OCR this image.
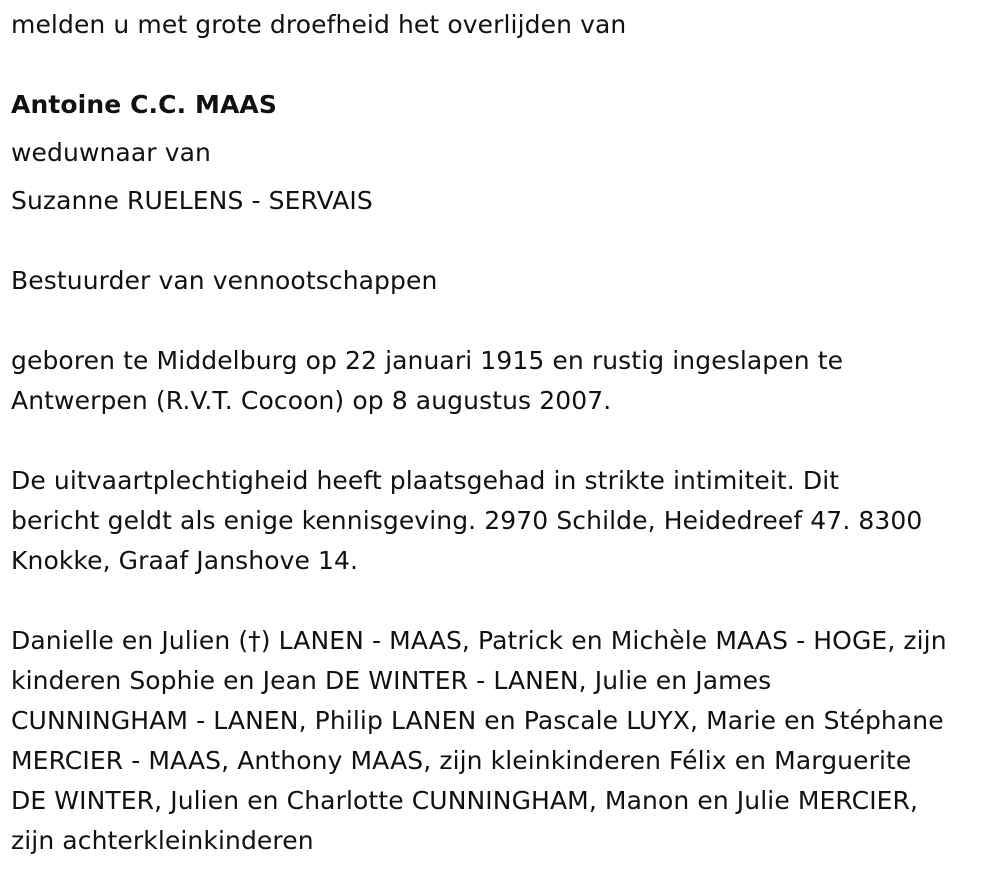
melden u met grote droefheid het overlijden van
Antoine C.C. MAAS
weduwnaar van
Suzanne RUELENS - SERVAIS
Bestuurder van vennootschappen
geboren te Middelburg op 22 januari 1915 en rustig ingeslapen te
Antwerpen (R.V.T. Cocoon) op 8 augustus 2007.
De uitvaartplechtigheid heeft plaatsgehad in strikte intimiteit. Dit
bericht geldt als enige kennisgeving. 2970 Schilde, Heidedreef 47. 8300
Knokke, Graaf Janshove 14.
Danielle en Julien (†) LANEN - MAAS, Patrick en Michèle MAAS - HOGE, zijn
kinderen Sophie en Jean DE WINTER - LANEN, Julie en James
CUNNINGHAM - LANEN, Philip LANEN en Pascale LUYX, Marie en Stéphane
MERCIER - MAAS, Anthony MAAS, zijn kleinkinderen Félix en Marguerite
DE WINTER, Julien en Charlotte CUNNINGHAM, Manon en Julie MERCIER,
zijn achterkleinkinderen
